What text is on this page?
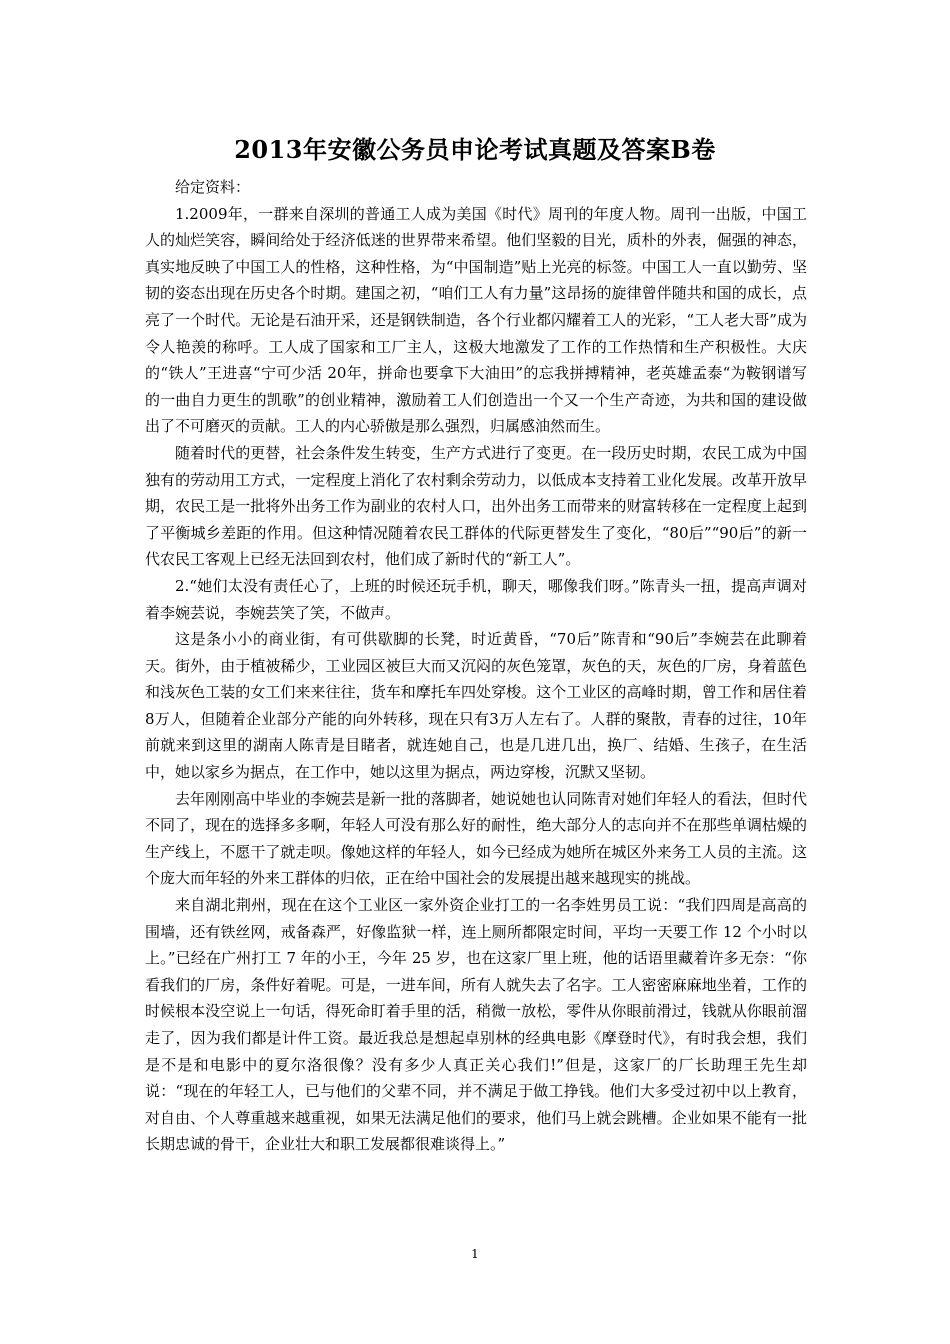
2013年安徽公务员申论考试真题及答案B卷

给定资料：

1.2009年，一群来自深圳的普通工人成为美国《时代》周刊的年度人物。周刊一出版，中国工人的灿烂笑容，瞬间给处于经济低迷的世界带来希望。他们坚毅的目光，质朴的外表，倔强的神态，真实地反映了中国工人的性格，这种性格，为“中国制造”贴上光亮的标签。中国工人一直以勤劳、坚韧的姿态出现在历史各个时期。建国之初，“咱们工人有力量”这昂扬的旋律曾伴随共和国的成长，点亮了一个时代。无论是石油开采，还是钢铁制造，各个行业都闪耀着工人的光彩，“工人老大哥”成为令人艳羡的称呼。工人成了国家和工厂主人，这极大地激发了工作的工作热情和生产积极性。大庆的“铁人”王进喜“宁可少活 20年，拼命也要拿下大油田”的忘我拼搏精神，老英雄孟泰“为鞍钢谱写的一曲自力更生的凯歌”的创业精神，激励着工人们创造出一个又一个生产奇迹，为共和国的建设做出了不可磨灭的贡献。工人的内心骄傲是那么强烈，归属感油然而生。

随着时代的更替，社会条件发生转变，生产方式进行了变更。在一段历史时期，农民工成为中国独有的劳动用工方式，一定程度上消化了农村剩余劳动力，以低成本支持着工业化发展。改革开放早期，农民工是一批将外出务工作为副业的农村人口，出外出务工而带来的财富转移在一定程度上起到了平衡城乡差距的作用。但这种情况随着农民工群体的代际更替发生了变化，“80后”“90后”的新一代农民工客观上已经无法回到农村，他们成了新时代的“新工人”。

2.“她们太没有责任心了，上班的时候还玩手机，聊天，哪像我们呀。”陈青头一扭，提高声调对着李婉芸说，李婉芸笑了笑，不做声。

这是条小小的商业街，有可供歇脚的长凳，时近黄昏，“70后”陈青和“90后”李婉芸在此聊着天。街外，由于植被稀少，工业园区被巨大而又沉闷的灰色笼罩，灰色的天，灰色的厂房，身着蓝色和浅灰色工装的女工们来来往往，货车和摩托车四处穿梭。这个工业区的高峰时期，曾工作和居住着8万人，但随着企业部分产能的向外转移，现在只有3万人左右了。人群的聚散，青春的过往，10年前就来到这里的湖南人陈青是目睹者，就连她自己，也是几进几出，换厂、结婚、生孩子，在生活中，她以家乡为据点，在工作中，她以这里为据点，两边穿梭，沉默又坚韧。

去年刚刚高中毕业的李婉芸是新一批的落脚者，她说她也认同陈青对她们年轻人的看法，但时代不同了，现在的选择多多啊，年轻人可没有那么好的耐性，绝大部分人的志向并不在那些单调枯燥的生产线上，不愿干了就走呗。像她这样的年轻人，如今已经成为她所在城区外来务工人员的主流。这个庞大而年轻的外来工群体的归依，正在给中国社会的发展提出越来越现实的挑战。

来自湖北荆州，现在在这个工业区一家外资企业打工的一名李姓男员工说：“我们四周是高高的围墙，还有铁丝网，戒备森严，好像监狱一样，连上厕所都限定时间，平均一天要工作 12 个小时以上。”已经在广州打工 7 年的小王，今年 25 岁，也在这家厂里上班，他的话语里藏着许多无奈：“你看我们的厂房，条件好着呢。可是，一进车间，所有人就失去了名字。工人密密麻麻地坐着，工作的时候根本没空说上一句话，得死命盯着手里的活，稍微一放松，零件从你眼前滑过，钱就从你眼前溜走了，因为我们都是计件工资。最近我总是想起卓别林的经典电影《摩登时代》，有时我会想，我们是不是和电影中的夏尔洛很像？没有多少人真正关心我们!”但是，这家厂的厂长助理王先生却说：“现在的年轻工人，已与他们的父辈不同，并不满足于做工挣钱。他们大多受过初中以上教育，对自由、个人尊重越来越重视，如果无法满足他们的要求，他们马上就会跳槽。企业如果不能有一批长期忠诚的骨干，企业壮大和职工发展都很难谈得上。”

1
